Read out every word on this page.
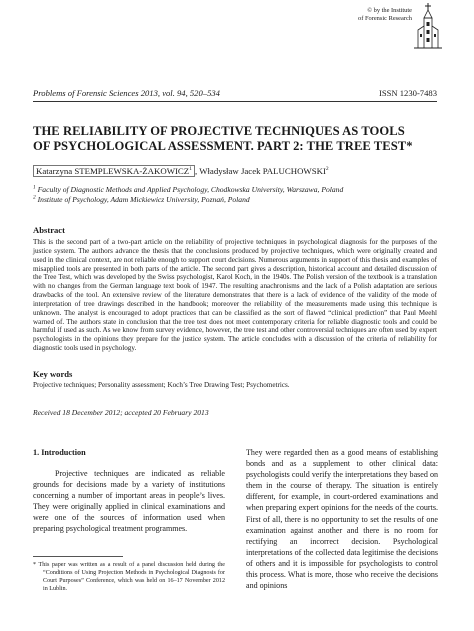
© by the Institute
of Forensic Research
Problems of Forensic Sciences 2013, vol. 94, 520–534	ISSN 1230-7483
THE RELIABILITY OF PROJECTIVE TECHNIQUES AS TOOLS
OF PSYCHOLOGICAL ASSESSMENT. PART 2: THE TREE TEST*
Katarzyna STEMPLEWSKA-ŻAKOWICZ$^1$ , Władysław Jacek PALUCHOWSKI$^2$
$^1$ Faculty of Diagnostic Methods and Applied Psychology, Chodkowska University, Warszawa, Poland
$^2$ Institute of Psychology, Adam Mickiewicz University, Poznań, Poland
Abstract

This is the second part of a two-part article on the reliability of projective techniques in psychological diagnosis for the purposes of the justice system. The authors advance the thesis that the conclusions produced by projective techniques, which were originally created and used in the clinical context, are not reliable enough to support court decisions. Numerous arguments in support of this thesis and examples of misapplied tools are presented in both parts of the article. The second part gives a description, historical account and detailed discussion of the Tree Test, which was developed by the Swiss psychologist, Karol Koch, in the 1940s. The Polish version of the textbook is a translation with no changes from the German language text book of 1947. The resulting anachronisms and the lack of a Polish adaptation are serious drawbacks of the tool. An extensive review of the literature demonstrates that there is a lack of evidence of the validity of the mode of interpretation of tree drawings described in the handbook; moreover the reliability of the measurements made using this technique is unknown. The analyst is encouraged to adopt practices that can be classified as the sort of flawed “clinical prediction” that Paul Meehl warned of. The authors state in conclusion that the tree test does not meet contemporary criteria for reliable diagnostic tools and could be harmful if used as such. As we know from survey evidence, however, the tree test and other controversial techniques are often used by expert psychologists in the opinions they prepare for the justice system. The article concludes with a discussion of the criteria of reliability for diagnostic tools used in psychology.

Key words

Projective techniques; Personality assessment; Koch’s Tree Drawing Test; Psychometrics.

Received 18 December 2012; accepted 20 February 2013
1. Introduction

Projective techniques are indicated as reliable grounds for decisions made by a variety of institutions concerning a number of important areas in people’s lives. They were originally applied in clinical examinations and were one of the sources of information used when preparing psychological treatment programmes.

* This paper was written as a result of a panel discussion held during the “Conditions of Using Projection Methods in Psychological Diagnosis for Court Purposes” Conference, which was held on 16–17 November 2012 in Lublin.

They were regarded then as a good means of establishing bonds and as a supplement to other clinical data: psychologists could verify the interpretations they based on them in the course of therapy. The situation is entirely different, for example, in court-ordered examinations and when preparing expert opinions for the needs of the courts. First of all, there is no opportunity to set the results of one examination against another and there is no room for rectifying an incorrect decision. Psychological interpretations of the collected data legitimise the decisions of others and it is impossible for psychologists to control this process. What is more, those who receive the decisions and opinions
